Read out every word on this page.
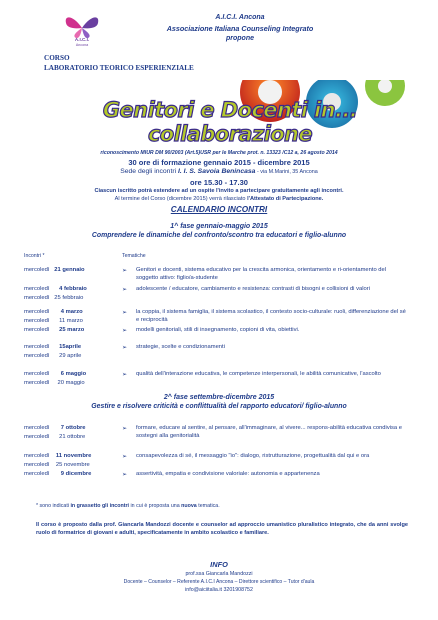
A.I.C.I.
Ancona
A.I.C.I. Ancona
Associazione Italiana Counseling Integrato
propone
CORSO
LABORATORIO TEORICO ESPERIENZIALE
Genitori e Docenti in... collaborazione
riconoscimento MIUR DM 90/2003 (Art.5)USR per le Marche prot. n. 13323 /C12 a, 26 agosto 2014
30 ore di formazione gennaio 2015 - dicembre 2015
Sede degli incontri I. I. S. Savoia Benincasa - via M.Marini, 35 Ancona
ore 15.30 - 17.30
Ciascun iscritto potrà estendere ad un ospite l'invito a partecipare gratuitamente agli incontri.
Al termine del Corso (dicembre 2015) verrà rilasciato l'Attestato di Partecipazione.
CALENDARIO INCONTRI
1^ fase gennaio-maggio 2015
Comprendere le dinamiche del confronto/scontro tra educatori e figlio-alunno
Incontri *	Tematiche
mercoledì 21 gennaio
mercoledì 4 febbraio
mercoledì 25 febbraio
mercoledì 4 marzo
mercoledì 11 marzo
mercoledì 25 marzo
mercoledì 15aprile
mercoledì 29 aprile
mercoledì 6 maggio
mercoledì 20 maggio
➢ Genitori e docenti, sistema educativo per la crescita armonica, orientamento e ri-orientamento del soggetto attivo: figlio/a-studente
➢ adolescente / educatore, cambiamento e resistenza: contrasti di bisogni e collisioni di valori
➢ la coppia, il sistema famiglia, il sistema scolastico, il contesto socio-culturale: ruoli, differenziazione del sé e reciprocità
➢ modelli genitoriali, stili di insegnamento, copioni di vita, obiettivi.
➢ strategie, scelte e condizionamenti
➢ qualità dell'interazione educativa, le competenze interpersonali, le abilità comunicative, l'ascolto
2^ fase settembre-dicembre 2015
Gestire e risolvere criticità e conflittualità del rapporto educatori/ figlio-alunno
mercoledì 7 ottobre
mercoledì 21 ottobre
mercoledì 11 novembre
mercoledì 25 novembre
mercoledì 9 dicembre
➢ formare, educare al sentire, al pensare, all'immaginare, al vivere... respons-abilità educativa condivisa e sostegni alla genitorialità
➢ consapevolezza di sé, il messaggio "io": dialogo, ristrutturazione, progettualità dal qui e ora
➢ assertività, empatia e condivisione valoriale: autonomia e appartenenza
* sono indicati in grassetto gli incontri in cui è proposta una nuova tematica.
Il corso è proposto dalla prof. Giancarla Mandozzi docente e counselor ad approccio umanistico pluralistico integrato, che da anni svolge ruolo di formatrice di giovani e adulti, specificatamente in ambito scolastico e familiare.
INFO
prof.ssa Giancarla Mandozzi
Docente – Counselor – Referente A.I.C.I Ancona – Direttore scientifico – Tutor d'aula
info@aiciitalia.it 3201908752
